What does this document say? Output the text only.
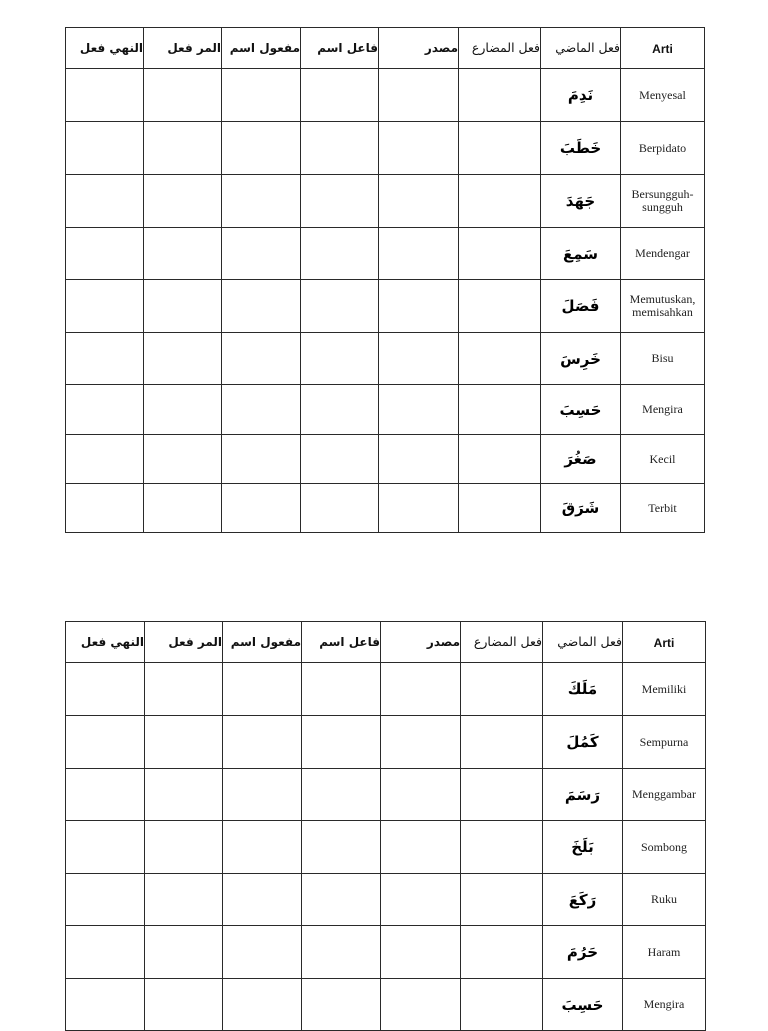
النهي فعل	المر فعل	مفعول اسم	فاعل اسم	مصدر	فعل المضارع	فعل الماضي	Arti
						نَدِمَ	Menyesal
						خَطَبَ	Berpidato
						جَهَدَ	Bersungguh-sungguh
						سَمِعَ	Mendengar
						فَصَلَ	Memutuskan, memisahkan
						خَرِسَ	Bisu
						حَسِبَ	Mengira
						صَغُرَ	Kecil
						شَرَقَ	Terbit
النهي فعل	المر فعل	مفعول اسم	فاعل اسم	مصدر	فعل المضارع	فعل الماضي	Arti
						مَلَكَ	Memiliki
						كَمُلَ	Sempurna
						رَسَمَ	Menggambar
						بَلَخَ	Sombong
						رَكَعَ	Ruku
						حَرُمَ	Haram
						حَسِبَ	Mengira
